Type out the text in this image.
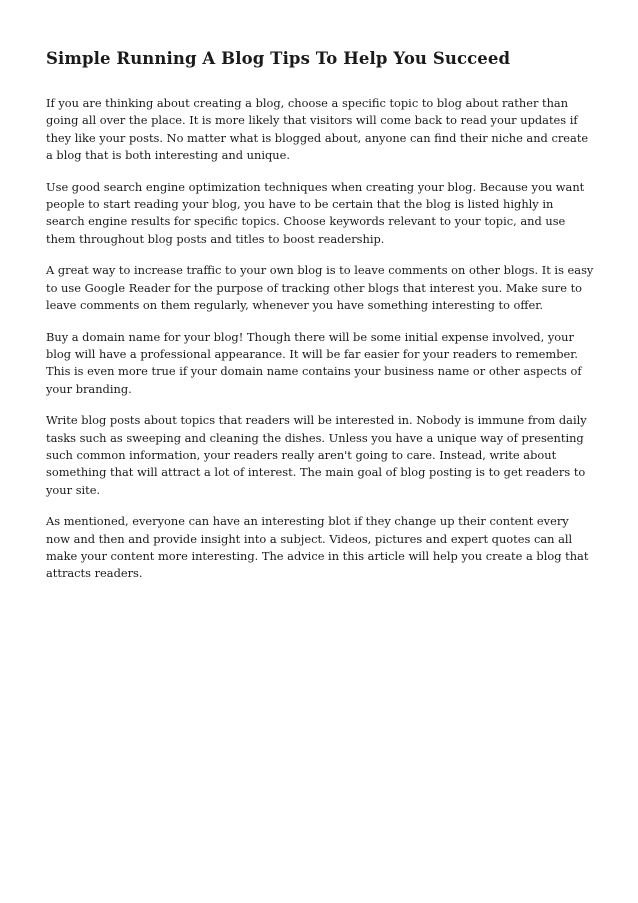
Simple Running A Blog Tips To Help You Succeed

If you are thinking about creating a blog, choose a specific topic to blog about rather than going all over the place. It is more likely that visitors will come back to read your updates if they like your posts. No matter what is blogged about, anyone can find their niche and create a blog that is both interesting and unique.

Use good search engine optimization techniques when creating your blog. Because you want people to start reading your blog, you have to be certain that the blog is listed highly in search engine results for specific topics. Choose keywords relevant to your topic, and use them throughout blog posts and titles to boost readership.

A great way to increase traffic to your own blog is to leave comments on other blogs. It is easy to use Google Reader for the purpose of tracking other blogs that interest you. Make sure to leave comments on them regularly, whenever you have something interesting to offer.

Buy a domain name for your blog! Though there will be some initial expense involved, your blog will have a professional appearance. It will be far easier for your readers to remember. This is even more true if your domain name contains your business name or other aspects of your branding.

Write blog posts about topics that readers will be interested in. Nobody is immune from daily tasks such as sweeping and cleaning the dishes. Unless you have a unique way of presenting such common information, your readers really aren't going to care. Instead, write about something that will attract a lot of interest. The main goal of blog posting is to get readers to your site.

As mentioned, everyone can have an interesting blot if they change up their content every now and then and provide insight into a subject. Videos, pictures and expert quotes can all make your content more interesting. The advice in this article will help you create a blog that attracts readers.
